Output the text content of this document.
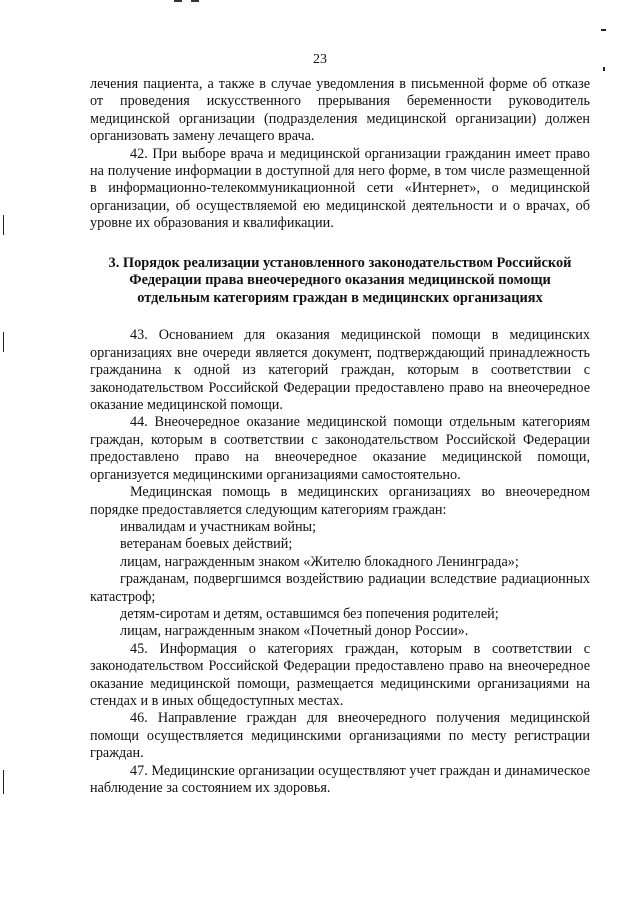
23

лечения пациента, а также в случае уведомления в письменной форме об отказе от проведения искусственного прерывания беременности руководитель медицинской организации (подразделения медицинской организации) должен организовать замену лечащего врача.

42. При выборе врача и медицинской организации гражданин имеет право на получение информации в доступной для него форме, в том числе размещенной в информационно-телекоммуникационной сети «Интернет», о медицинской организации, об осуществляемой ею медицинской деятельности и о врачах, об уровне их образования и квалификации.

3. Порядок реализации установленного законодательством Российской Федерации права внеочередного оказания медицинской помощи отдельным категориям граждан в медицинских организациях

43. Основанием для оказания медицинской помощи в медицинских организациях вне очереди является документ, подтверждающий принадлежность гражданина к одной из категорий граждан, которым в соответствии с законодательством Российской Федерации предоставлено право на внеочередное оказание медицинской помощи.

44. Внеочередное оказание медицинской помощи отдельным категориям граждан, которым в соответствии с законодательством Российской Федерации предоставлено право на внеочередное оказание медицинской помощи, организуется медицинскими организациями самостоятельно.

Медицинская помощь в медицинских организациях во внеочередном порядке предоставляется следующим категориям граждан:

инвалидам и участникам войны;

ветеранам боевых действий;

лицам, награжденным знаком «Жителю блокадного Ленинграда»;

гражданам, подвергшимся воздействию радиации вследствие радиационных катастроф;

детям-сиротам и детям, оставшимся без попечения родителей;

лицам, награжденным знаком «Почетный донор России».

45. Информация о категориях граждан, которым в соответствии с законодательством Российской Федерации предоставлено право на внеочередное оказание медицинской помощи, размещается медицинскими организациями на стендах и в иных общедоступных местах.

46. Направление граждан для внеочередного получения медицинской помощи осуществляется медицинскими организациями по месту регистрации граждан.

47. Медицинские организации осуществляют учет граждан и динамическое наблюдение за состоянием их здоровья.
